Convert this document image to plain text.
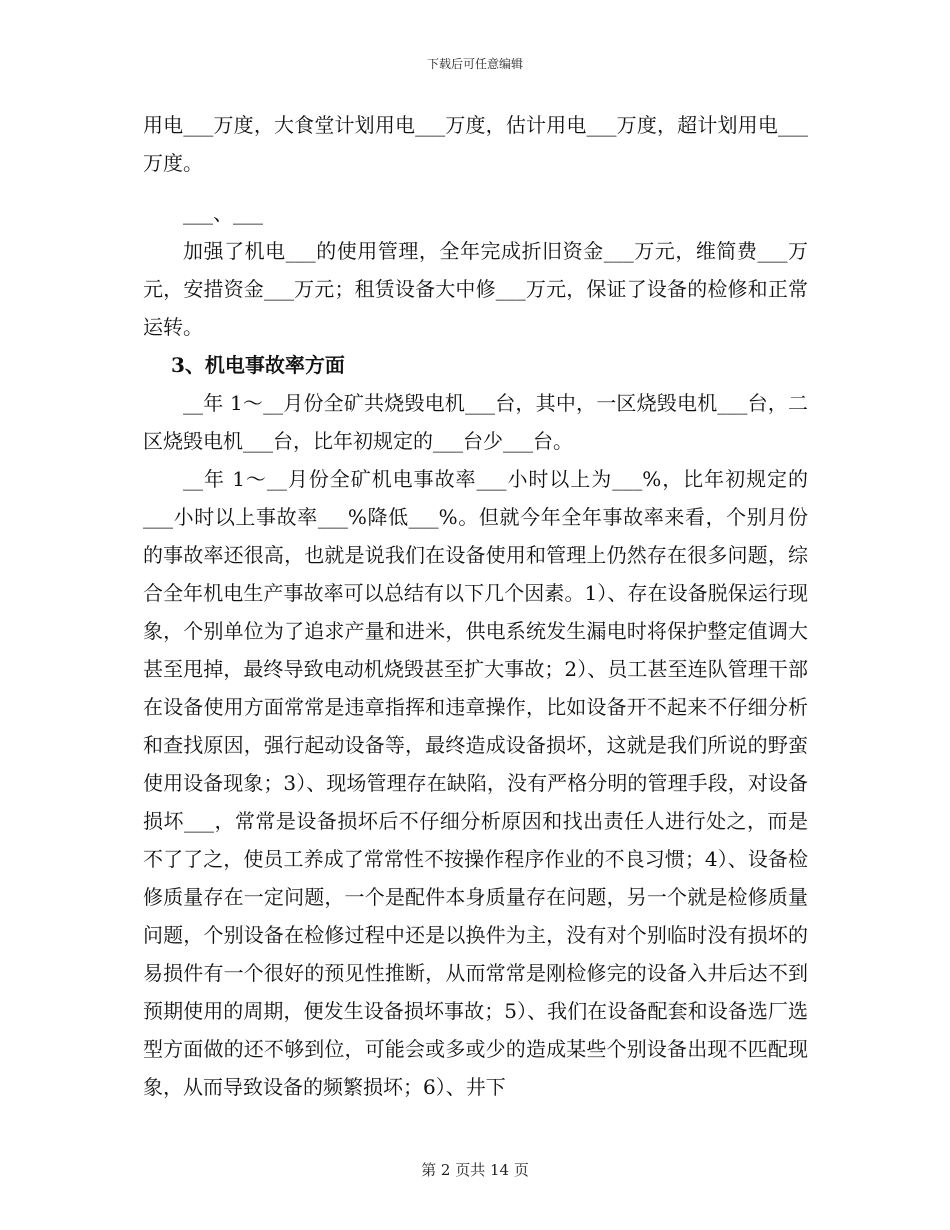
下载后可任意编辑

用电___万度，大食堂计划用电___万度，估计用电___万度，超计划用电___万度。

___、___

加强了机电___的使用管理，全年完成折旧资金___万元，维简费___万元，安措资金___万元；租赁设备大中修___万元，保证了设备的检修和正常运转。

3、机电事故率方面

__年 1～__月份全矿共烧毁电机___台，其中，一区烧毁电机___台，二区烧毁电机___台，比年初规定的___台少___台。

__年 1～__月份全矿机电事故率___小时以上为___%，比年初规定的___小时以上事故率___%降低___%。但就今年全年事故率来看，个别月份的事故率还很高，也就是说我们在设备使用和管理上仍然存在很多问题，综合全年机电生产事故率可以总结有以下几个因素。1）、存在设备脱保运行现象，个别单位为了追求产量和进米，供电系统发生漏电时将保护整定值调大甚至甩掉，最终导致电动机烧毁甚至扩大事故；2）、员工甚至连队管理干部在设备使用方面常常是违章指挥和违章操作，比如设备开不起来不仔细分析和查找原因，强行起动设备等，最终造成设备损坏，这就是我们所说的野蛮使用设备现象；3）、现场管理存在缺陷，没有严格分明的管理手段，对设备损坏___，常常是设备损坏后不仔细分析原因和找出责任人进行处之，而是不了了之，使员工养成了常常性不按操作程序作业的不良习惯；4）、设备检修质量存在一定问题，一个是配件本身质量存在问题，另一个就是检修质量问题，个别设备在检修过程中还是以换件为主，没有对个别临时没有损坏的易损件有一个很好的预见性推断，从而常常是刚检修完的设备入井后达不到预期使用的周期，便发生设备损坏事故；5）、我们在设备配套和设备选厂选型方面做的还不够到位，可能会或多或少的造成某些个别设备出现不匹配现象，从而导致设备的频繁损坏；6）、井下

第 2 页共 14 页
